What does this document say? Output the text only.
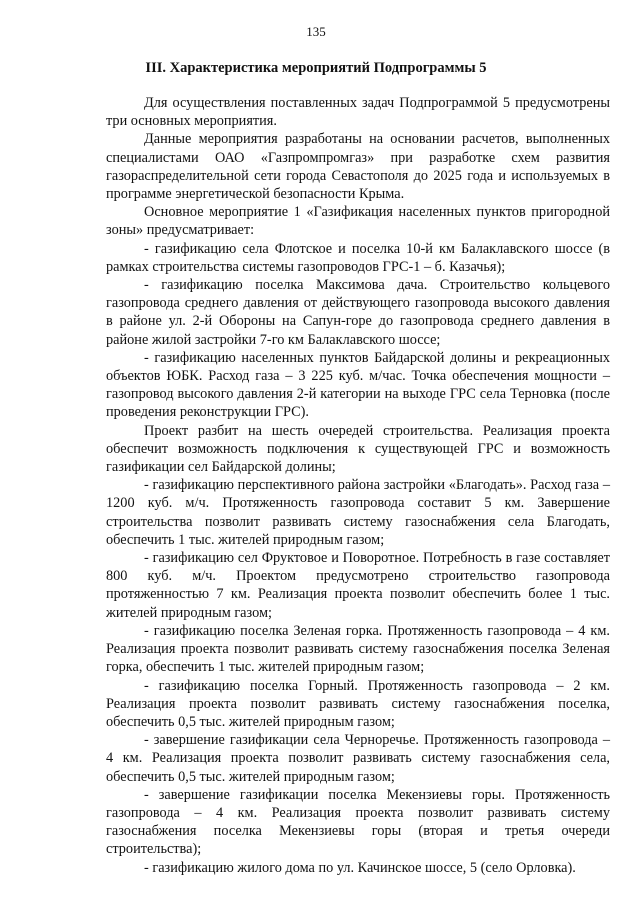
135
III. Характеристика мероприятий Подпрограммы 5

Для осуществления поставленных задач Подпрограммой 5 предусмотрены три основных мероприятия.

Данные мероприятия разработаны на основании расчетов, выполненных специалистами ОАО «Газпромпромгаз» при разработке схем развития газораспределительной сети города Севастополя до 2025 года и используемых в программе энергетической безопасности Крыма.

Основное мероприятие 1 «Газификация населенных пунктов пригородной зоны» предусматривает:

- газификацию села Флотское и поселка 10-й км Балаклавского шоссе (в рамках строительства системы газопроводов ГРС-1 – б. Казачья);

- газификацию поселка Максимова дача. Строительство кольцевого газопровода среднего давления от действующего газопровода высокого давления в районе ул. 2-й Обороны на Сапун-горе до газопровода среднего давления в районе жилой застройки 7-го км Балаклавского шоссе;

- газификацию населенных пунктов Байдарской долины и рекреационных объектов ЮБК. Расход газа – 3 225 куб. м/час. Точка обеспечения мощности – газопровод высокого давления 2-й категории на выходе ГРС села Терновка (после проведения реконструкции ГРС).

Проект разбит на шесть очередей строительства. Реализация проекта обеспечит возможность подключения к существующей ГРС и возможность газификации сел Байдарской долины;

- газификацию перспективного района застройки «Благодать». Расход газа – 1200 куб. м/ч. Протяженность газопровода составит 5 км. Завершение строительства позволит развивать систему газоснабжения села Благодать, обеспечить 1 тыс. жителей природным газом;

- газификацию сел Фруктовое и Поворотное. Потребность в газе составляет 800 куб. м/ч. Проектом предусмотрено строительство газопровода протяженностью 7 км. Реализация проекта позволит обеспечить более 1 тыс. жителей природным газом;

- газификацию поселка Зеленая горка. Протяженность газопровода – 4 км. Реализация проекта позволит развивать систему газоснабжения поселка Зеленая горка, обеспечить 1 тыс. жителей природным газом;

- газификацию поселка Горный. Протяженность газопровода – 2 км. Реализация проекта позволит развивать систему газоснабжения поселка, обеспечить 0,5 тыс. жителей природным газом;

- завершение газификации села Черноречье. Протяженность газопровода – 4 км. Реализация проекта позволит развивать систему газоснабжения села, обеспечить 0,5 тыс. жителей природным газом;

- завершение газификации поселка Мекензиевы горы. Протяженность газопровода – 4 км. Реализация проекта позволит развивать систему газоснабжения поселка Мекензиевы горы (вторая и третья очереди строительства);

- газификацию жилого дома по ул. Качинское шоссе, 5 (село Орловка).
